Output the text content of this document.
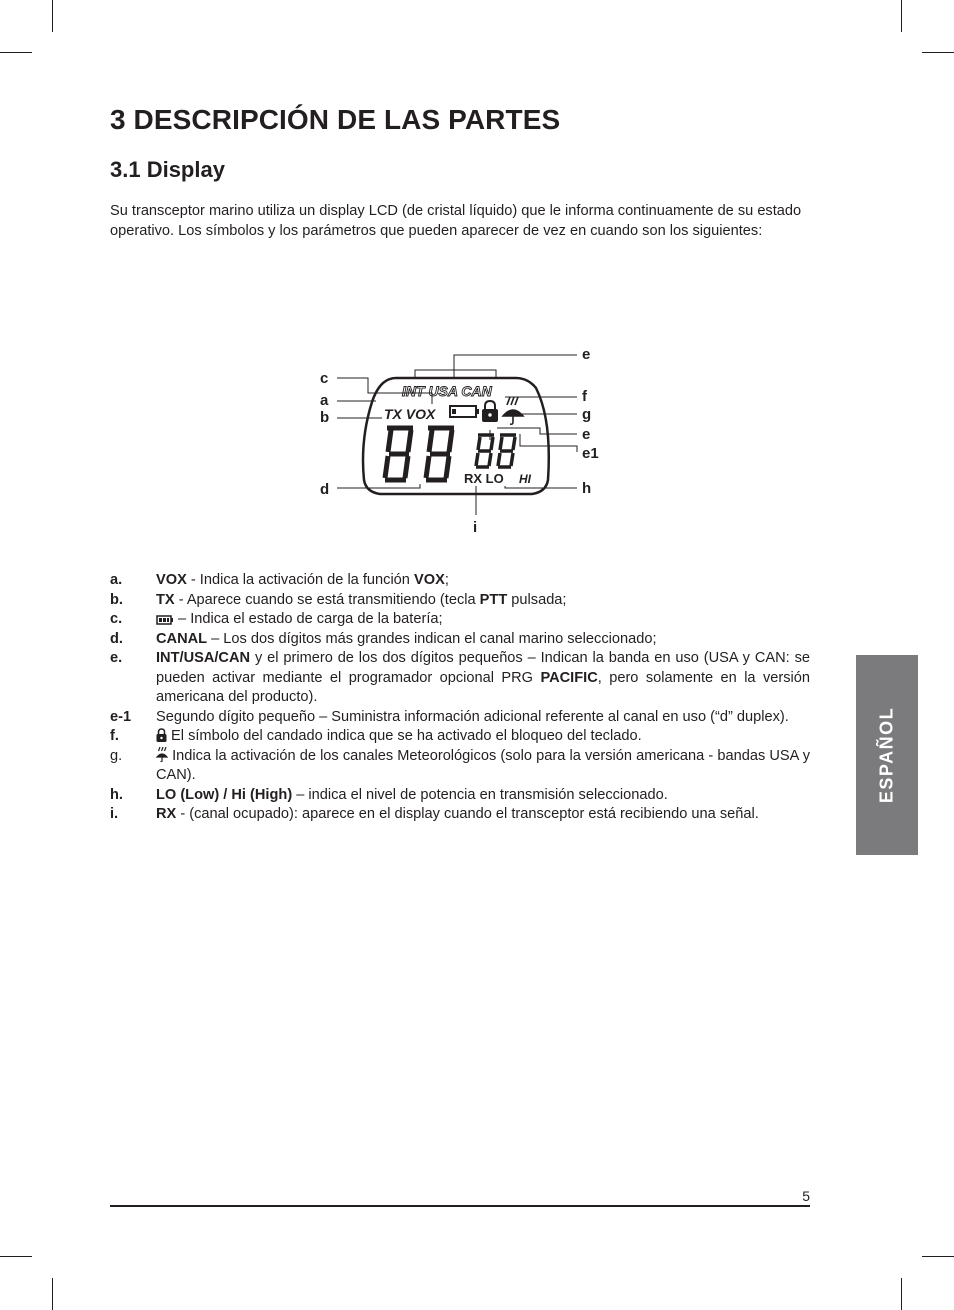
3 DESCRIPCIÓN DE LAS PARTES
3.1 Display

Su transceptor marino utiliza un display LCD (de cristal líquido) que le informa continuamente de su estado operativo. Los símbolos y los parámetros que pueden aparecer de vez en cuando son los siguientes:

INT USA CAN
TX VOX
RX LO HI
c
a
b
d
e
f
g
e
e1
h
i
a. VOX - Indica la activación de la función VOX;
b. TX - Aparece cuando se está transmitiendo (tecla PTT pulsada;
c.	– Indica el estado de carga de la batería;
d. CANAL – Los dos dígitos más grandes indican el canal marino seleccionado;
e. INT/USA/CAN y el primero de los dos dígitos pequeños – Indican la banda en uso (USA y CAN: se pueden activar mediante el programador opcional PRG PACIFIC, pero solamente en la versión americana del producto).
e-1 Segundo dígito pequeño – Suministra información adicional referente al canal en uso (“d” duplex).
f.	El símbolo del candado indica que se ha activado el bloqueo del teclado.
g.	Indica la activación de los canales Meteorológicos (solo para la versión americana - bandas USA y CAN).
h. LO (Low) / Hi (High) – indica el nivel de potencia en transmisión seleccionado.
i.	RX - (canal ocupado): aparece en el display cuando el transceptor está recibiendo una señal.
ESPAÑOL
5
